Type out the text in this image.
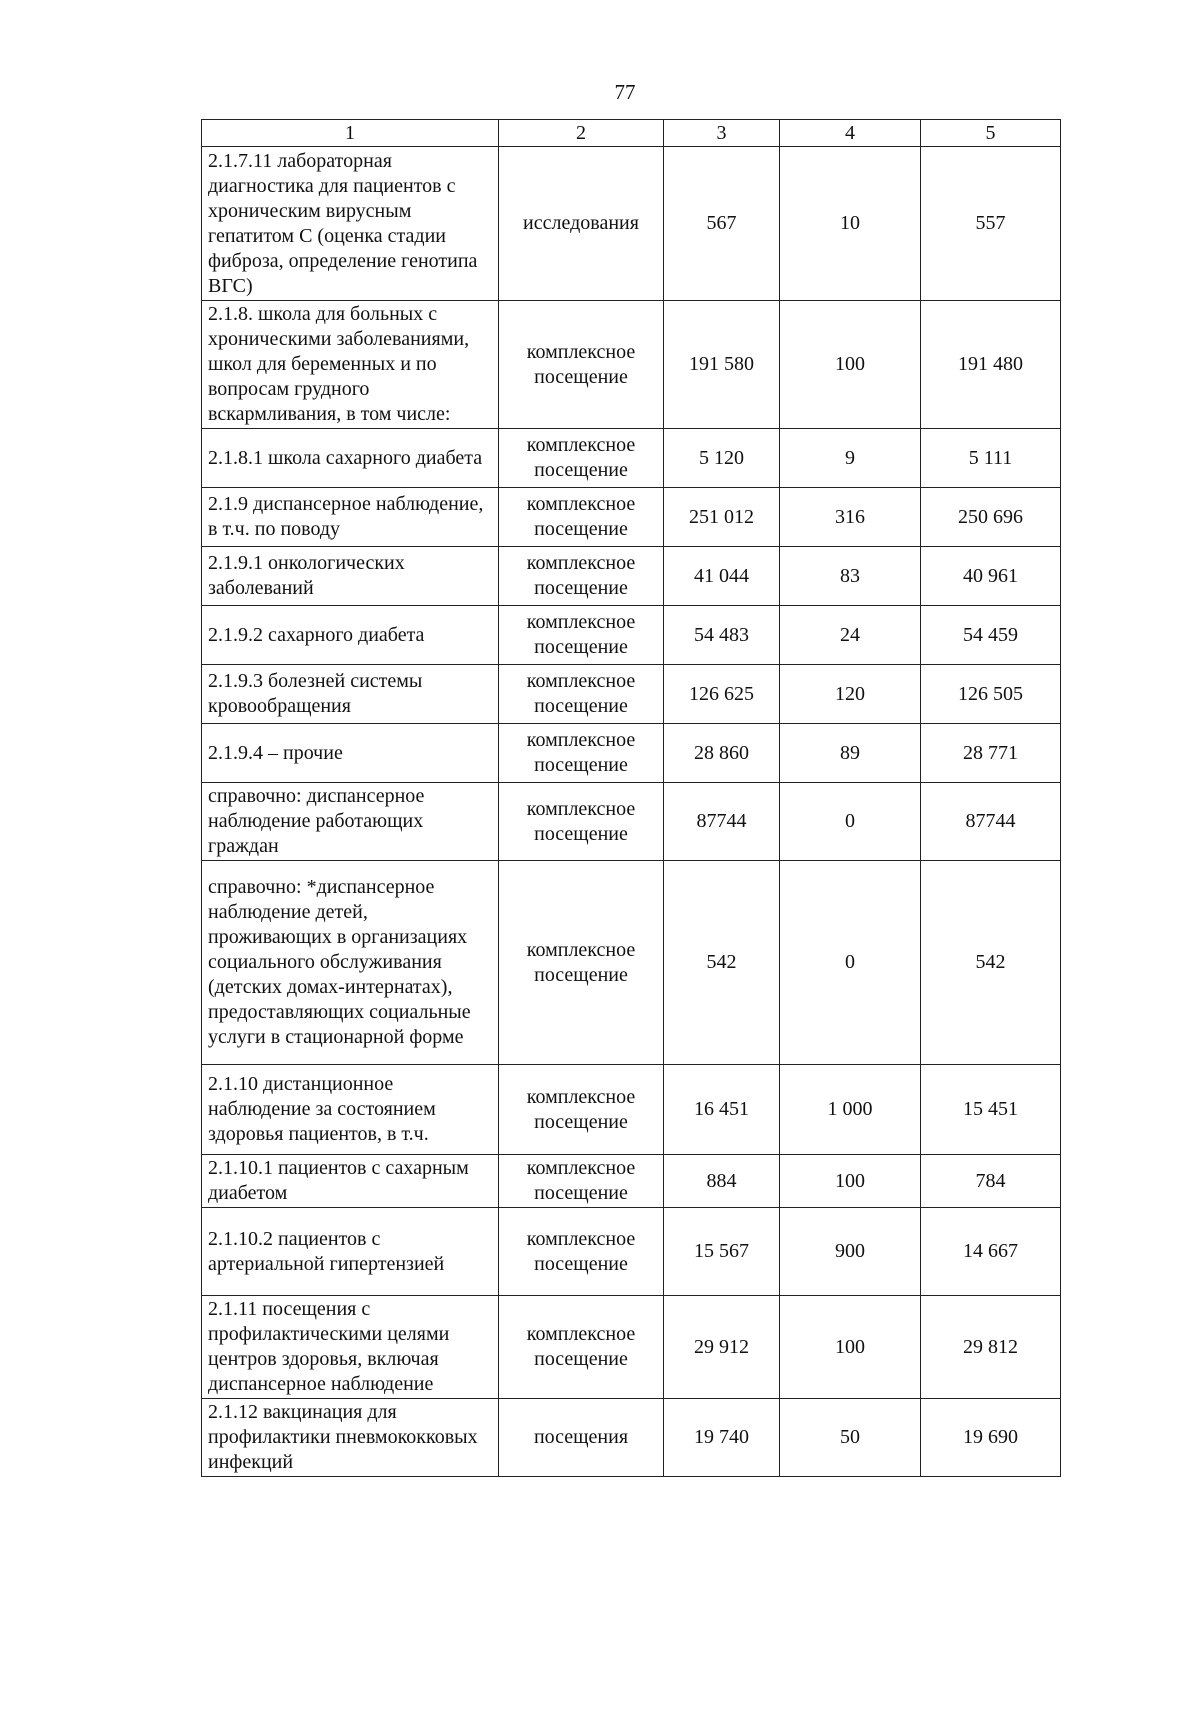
77
1	2	3	4	5
2.1.7.11 лабораторная диагностика для пациентов с хроническим вирусным гепатитом С (оценка стадии фиброза, определение генотипа ВГС)	исследования	567	10	557
2.1.8. школа для больных с хроническими заболеваниями, школ для беременных и по вопросам грудного вскармливания, в том числе:	комплексное посещение	191 580	100	191 480
2.1.8.1 школа сахарного диабета	комплексное посещение	5 120	9	5 111
2.1.9 диспансерное наблюдение, в т.ч. по поводу	комплексное посещение	251 012	316	250 696
2.1.9.1 онкологических заболеваний	комплексное посещение	41 044	83	40 961
2.1.9.2 сахарного диабета	комплексное посещение	54 483	24	54 459
2.1.9.3 болезней системы кровообращения	комплексное посещение	126 625	120	126 505
2.1.9.4 – прочие	комплексное посещение	28 860	89	28 771
справочно: диспансерное наблюдение работающих граждан	комплексное посещение	87744	0	87744
справочно: *диспансерное наблюдение детей, проживающих в организациях социального обслуживания (детских домах-интернатах), предоставляющих социальные услуги в стационарной форме	комплексное посещение	542	0	542
2.1.10 дистанционное наблюдение за состоянием здоровья пациентов, в т.ч.	комплексное посещение	16 451	1 000	15 451
2.1.10.1 пациентов с сахарным диабетом	комплексное посещение	884	100	784
2.1.10.2 пациентов с артериальной гипертензией	комплексное посещение	15 567	900	14 667
2.1.11 посещения с профилактическими целями центров здоровья, включая диспансерное наблюдение	комплексное посещение	29 912	100	29 812
2.1.12 вакцинация для профилактики пневмококковых инфекций	посещения	19 740	50	19 690
